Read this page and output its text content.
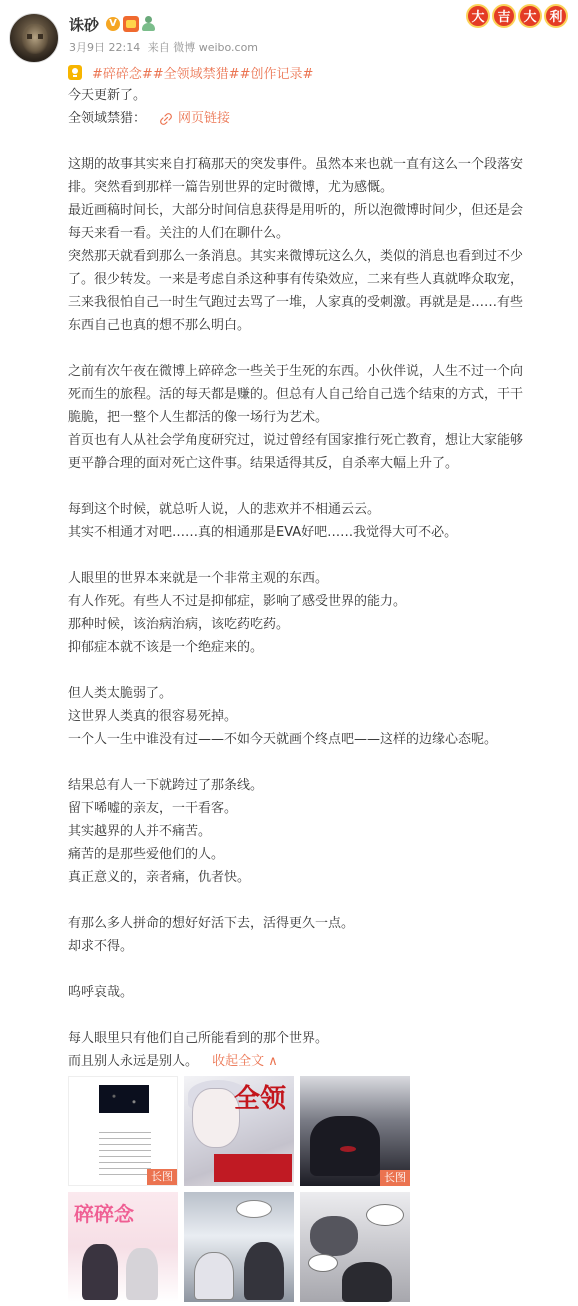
诛砂	V
3月9日 22:14 来自 微博 weibo.com
大 吉 大 利
#碎碎念##全领域禁猎##创作记录#
今天更新了。
全领域禁猎： 网页链接
这期的故事其实来自打稿那天的突发事件。虽然本来也就一直有这么一个段落安
排。突然看到那样一篇告别世界的定时微博，尤为感慨。
最近画稿时间长，大部分时间信息获得是用听的，所以泡微博时间少，但还是会
每天来看一看。关注的人们在聊什么。
突然那天就看到那么一条消息。其实来微博玩这么久，类似的消息也看到过不少
了。很少转发。一来是考虑自杀这种事有传染效应，二来有些人真就哗众取宠，
三来我很怕自己一时生气跑过去骂了一堆，人家真的受刺激。再就是是……有些
东西自己也真的想不那么明白。
之前有次午夜在微博上碎碎念一些关于生死的东西。小伙伴说，人生不过一个向
死而生的旅程。活的每天都是赚的。但总有人自己给自己选个结束的方式，干干
脆脆，把一整个人生都活的像一场行为艺术。
首页也有人从社会学角度研究过，说过曾经有国家推行死亡教育，想让大家能够
更平静合理的面对死亡这件事。结果适得其反，自杀率大幅上升了。
每到这个时候，就总听人说，人的悲欢并不相通云云。
其实不相通才对吧……真的相通那是EVA好吧……我觉得大可不必。
人眼里的世界本来就是一个非常主观的东西。
有人作死。有些人不过是抑郁症，影响了感受世界的能力。
那种时候，该治病治病，该吃药吃药。
抑郁症本就不该是一个绝症来的。
但人类太脆弱了。
这世界人类真的很容易死掉。
一个人一生中谁没有过——不如今天就画个终点吧——这样的边缘心态呢。
结果总有人一下就跨过了那条线。
留下唏嘘的亲友，一干看客。
其实越界的人并不痛苦。
痛苦的是那些爱他们的人。
真正意义的，亲者痛，仇者快。
有那么多人拼命的想好好活下去，活得更久一点。
却求不得。
呜呼哀哉。
每人眼里只有他们自己所能看到的那个世界。
而且别人永远是别人。 收起全文 ∧
长图
全领
长图
碎碎念
